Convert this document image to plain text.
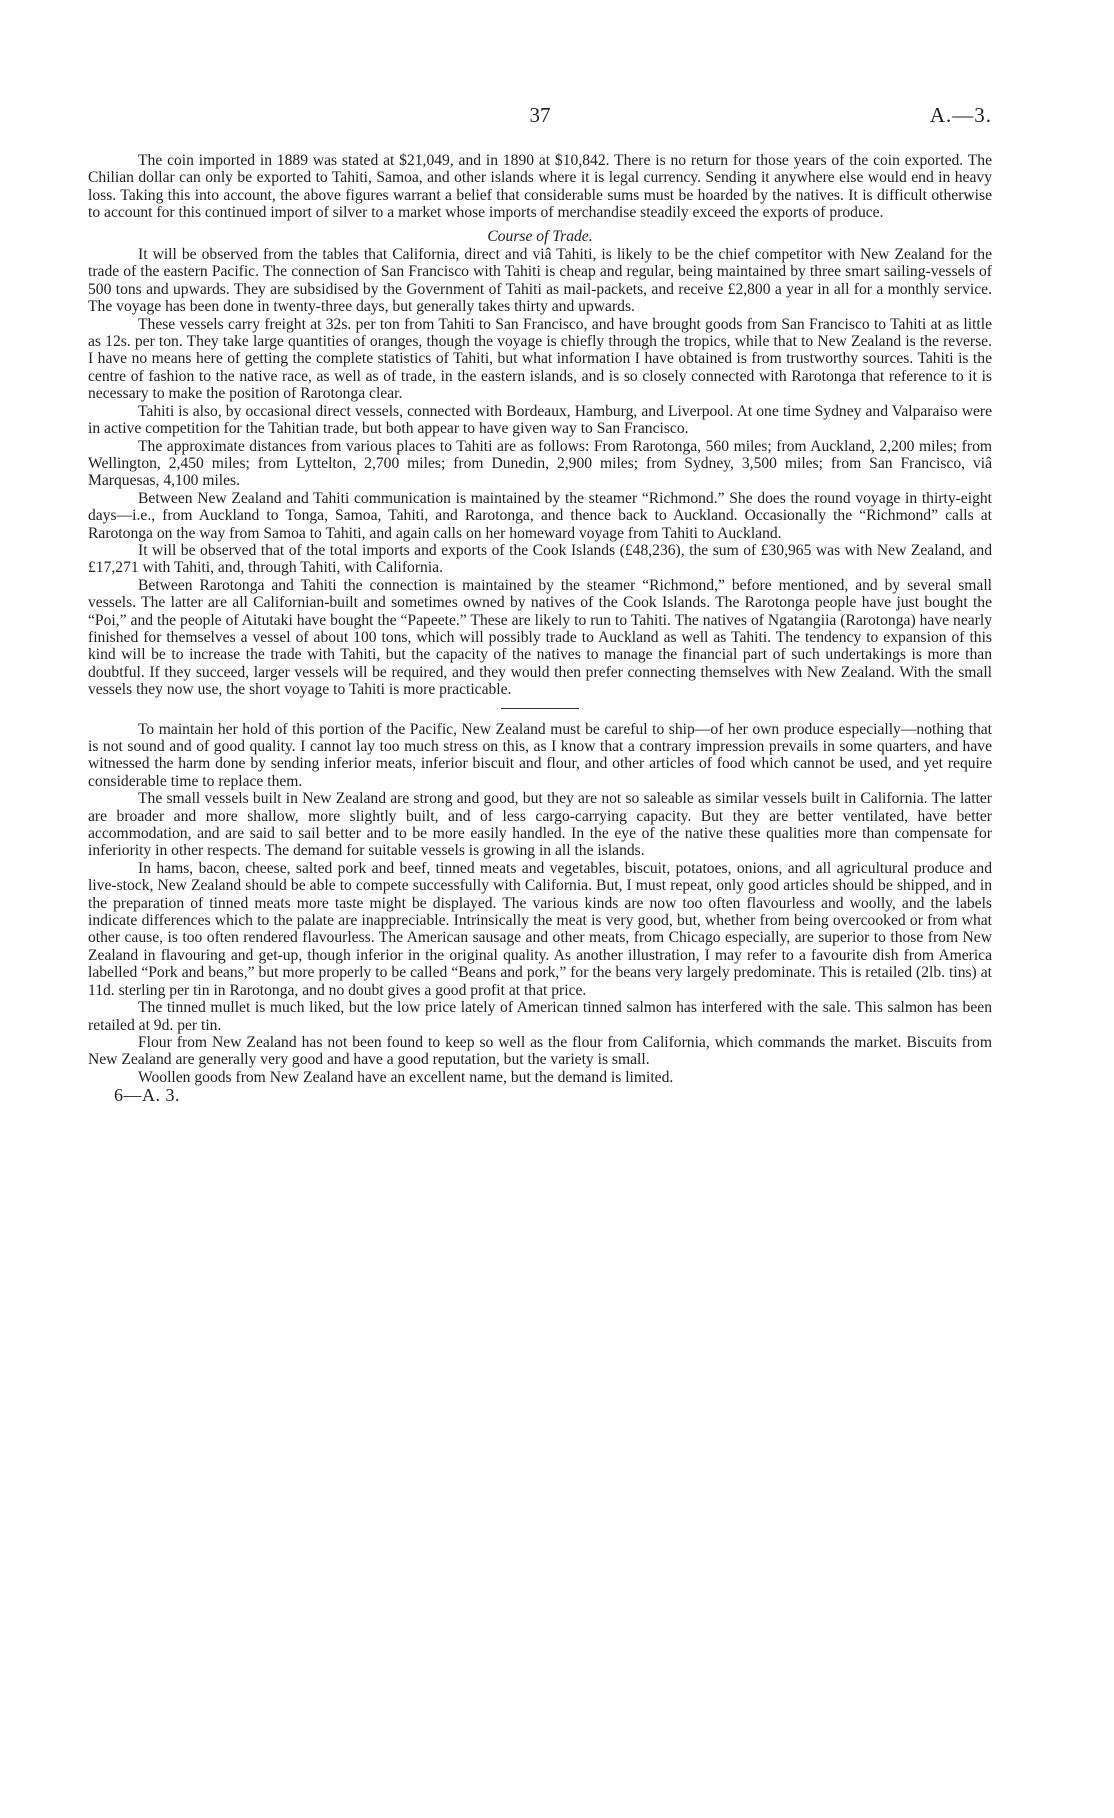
37	A.—3.

The coin imported in 1889 was stated at $21,049, and in 1890 at $10,842. There is no return for those years of the coin exported. The Chilian dollar can only be exported to Tahiti, Samoa, and other islands where it is legal currency. Sending it anywhere else would end in heavy loss. Taking this into account, the above figures warrant a belief that considerable sums must be hoarded by the natives. It is difficult otherwise to account for this continued import of silver to a market whose imports of merchandise steadily exceed the exports of produce.

Course of Trade.

It will be observed from the tables that California, direct and viâ Tahiti, is likely to be the chief competitor with New Zealand for the trade of the eastern Pacific. The connection of San Francisco with Tahiti is cheap and regular, being maintained by three smart sailing-vessels of 500 tons and upwards. They are subsidised by the Government of Tahiti as mail-packets, and receive £2,800 a year in all for a monthly service. The voyage has been done in twenty-three days, but generally takes thirty and upwards.

These vessels carry freight at 32s. per ton from Tahiti to San Francisco, and have brought goods from San Francisco to Tahiti at as little as 12s. per ton. They take large quantities of oranges, though the voyage is chiefly through the tropics, while that to New Zealand is the reverse. I have no means here of getting the complete statistics of Tahiti, but what information I have obtained is from trustworthy sources. Tahiti is the centre of fashion to the native race, as well as of trade, in the eastern islands, and is so closely connected with Rarotonga that reference to it is necessary to make the position of Rarotonga clear.

Tahiti is also, by occasional direct vessels, connected with Bordeaux, Hamburg, and Liverpool. At one time Sydney and Valparaiso were in active competition for the Tahitian trade, but both appear to have given way to San Francisco.

The approximate distances from various places to Tahiti are as follows: From Rarotonga, 560 miles; from Auckland, 2,200 miles; from Wellington, 2,450 miles; from Lyttelton, 2,700 miles; from Dunedin, 2,900 miles; from Sydney, 3,500 miles; from San Francisco, viâ Marquesas, 4,100 miles.

Between New Zealand and Tahiti communication is maintained by the steamer “Richmond.” She does the round voyage in thirty-eight days—i.e., from Auckland to Tonga, Samoa, Tahiti, and Rarotonga, and thence back to Auckland. Occasionally the “Richmond” calls at Rarotonga on the way from Samoa to Tahiti, and again calls on her homeward voyage from Tahiti to Auckland.

It will be observed that of the total imports and exports of the Cook Islands (£48,236), the sum of £30,965 was with New Zealand, and £17,271 with Tahiti, and, through Tahiti, with California.

Between Rarotonga and Tahiti the connection is maintained by the steamer “Richmond,” before mentioned, and by several small vessels. The latter are all Californian-built and sometimes owned by natives of the Cook Islands. The Rarotonga people have just bought the “Poi,” and the people of Aitutaki have bought the “Papeete.” These are likely to run to Tahiti. The natives of Ngatangiia (Rarotonga) have nearly finished for themselves a vessel of about 100 tons, which will possibly trade to Auckland as well as Tahiti. The tendency to expansion of this kind will be to increase the trade with Tahiti, but the capacity of the natives to manage the financial part of such undertakings is more than doubtful. If they succeed, larger vessels will be required, and they would then prefer connecting themselves with New Zealand. With the small vessels they now use, the short voyage to Tahiti is more practicable.

To maintain her hold of this portion of the Pacific, New Zealand must be careful to ship—of her own produce especially—nothing that is not sound and of good quality. I cannot lay too much stress on this, as I know that a contrary impression prevails in some quarters, and have witnessed the harm done by sending inferior meats, inferior biscuit and flour, and other articles of food which cannot be used, and yet require considerable time to replace them.

The small vessels built in New Zealand are strong and good, but they are not so saleable as similar vessels built in California. The latter are broader and more shallow, more slightly built, and of less cargo-carrying capacity. But they are better ventilated, have better accommodation, and are said to sail better and to be more easily handled. In the eye of the native these qualities more than compensate for inferiority in other respects. The demand for suitable vessels is growing in all the islands.

In hams, bacon, cheese, salted pork and beef, tinned meats and vegetables, biscuit, potatoes, onions, and all agricultural produce and live-stock, New Zealand should be able to compete successfully with California. But, I must repeat, only good articles should be shipped, and in the preparation of tinned meats more taste might be displayed. The various kinds are now too often flavourless and woolly, and the labels indicate differences which to the palate are inappreciable. Intrinsically the meat is very good, but, whether from being overcooked or from what other cause, is too often rendered flavourless. The American sausage and other meats, from Chicago especially, are superior to those from New Zealand in flavouring and get-up, though inferior in the original quality. As another illustration, I may refer to a favourite dish from America labelled “Pork and beans,” but more properly to be called “Beans and pork,” for the beans very largely predominate. This is retailed (2lb. tins) at 11d. sterling per tin in Rarotonga, and no doubt gives a good profit at that price.

The tinned mullet is much liked, but the low price lately of American tinned salmon has interfered with the sale. This salmon has been retailed at 9d. per tin.

Flour from New Zealand has not been found to keep so well as the flour from California, which commands the market. Biscuits from New Zealand are generally very good and have a good reputation, but the variety is small.

Woollen goods from New Zealand have an excellent name, but the demand is limited.

6—A. 3.
